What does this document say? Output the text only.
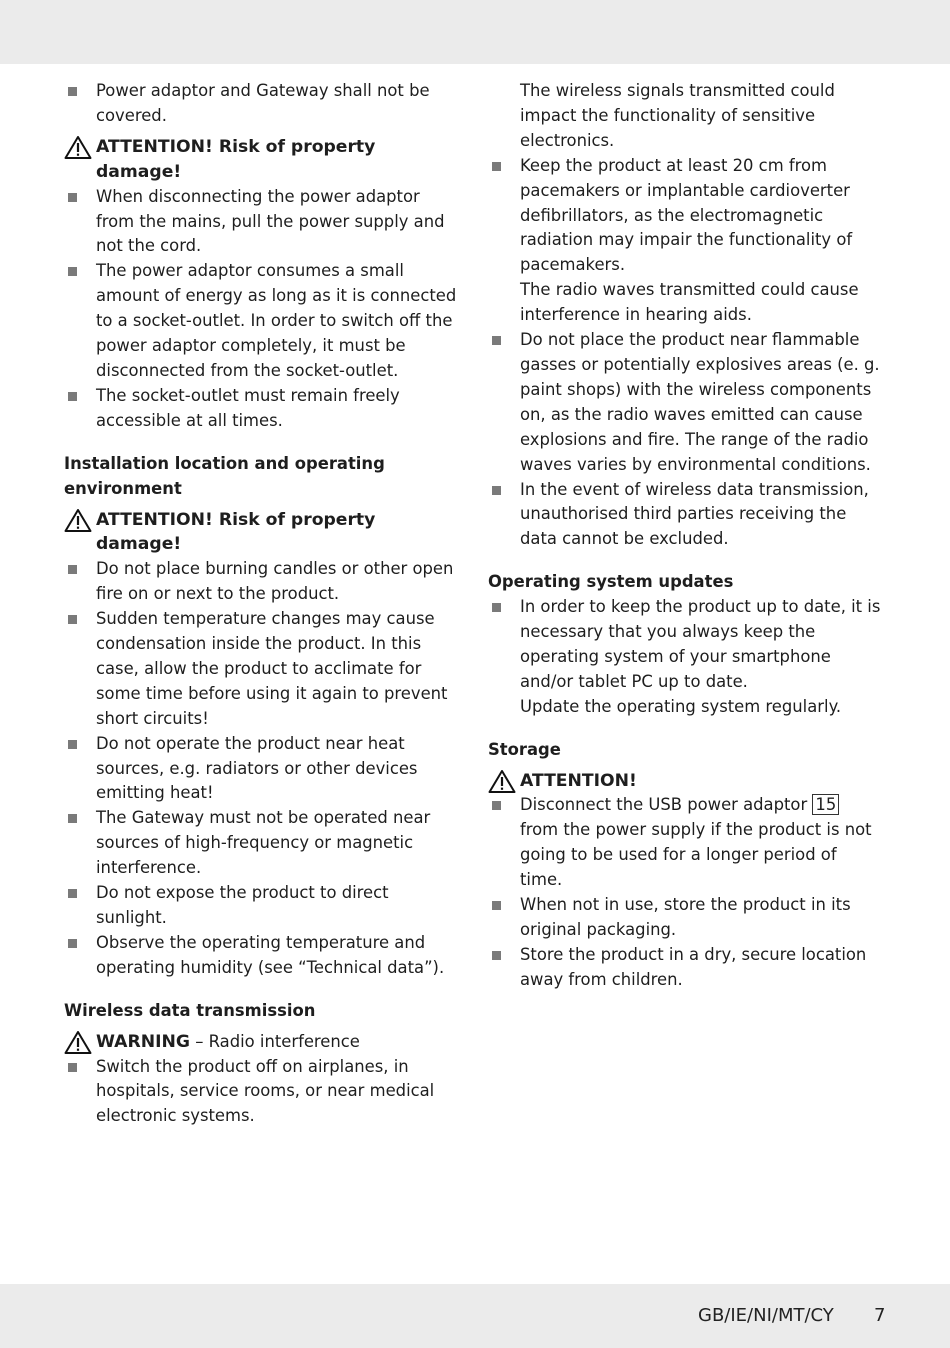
Power adaptor and Gateway shall not be covered.

ATTENTION! Risk of property damage!

When disconnecting the power adaptor from the mains, pull the power supply and not the cord.

The power adaptor consumes a small amount of energy as long as it is connected to a socket-outlet. In order to switch off the power adaptor completely, it must be disconnected from the socket-outlet.

The socket-outlet must remain freely accessible at all times.

Installation location and operating environment

ATTENTION! Risk of property damage!

Do not place burning candles or other open fire on or next to the product.

Sudden temperature changes may cause condensation inside the product. In this case, allow the product to acclimate for some time before using it again to prevent short circuits!

Do not operate the product near heat sources, e.g. radiators or other devices emitting heat!

The Gateway must not be operated near sources of high-frequency or magnetic interference.

Do not expose the product to direct sunlight.

Observe the operating temperature and operating humidity (see “Technical data”).

Wireless data transmission

WARNING – Radio interference

Switch the product off on airplanes, in hospitals, service rooms, or near medical electronic systems.

The wireless signals transmitted could impact the functionality of sensitive electronics.

Keep the product at least 20 cm from pacemakers or implantable cardioverter defibrillators, as the electromagnetic radiation may impair the functionality of pacemakers.

The radio waves transmitted could cause interference in hearing aids.

Do not place the product near flammable gasses or potentially explosives areas (e. g. paint shops) with the wireless components on, as the radio waves emitted can cause explosions and fire. The range of the radio waves varies by environmental conditions.

In the event of wireless data transmission, unauthorised third parties receiving the data cannot be excluded.

Operating system updates

In order to keep the product up to date, it is necessary that you always keep the operating system of your smartphone and/or tablet PC up to date.

Update the operating system regularly.

Storage

ATTENTION!

Disconnect the USB power adaptor 15 from the power supply if the product is not going to be used for a longer period of time.

When not in use, store the product in its original packaging.

Store the product in a dry, secure location away from children.

GB/IE/NI/MT/CY 7
